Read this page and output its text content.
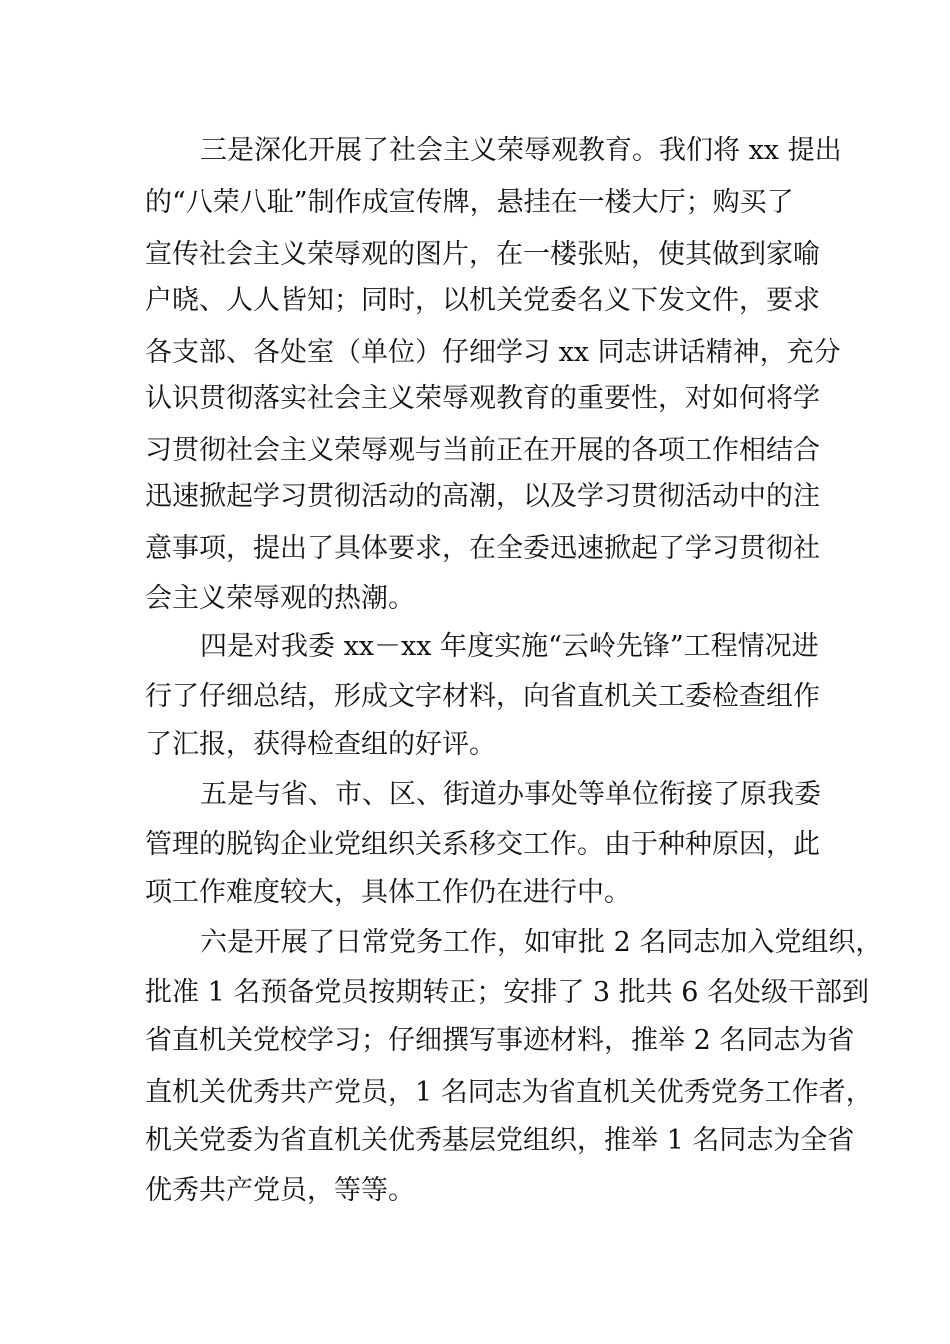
三是深化开展了社会主义荣辱观教育。我们将 xx 提出
的“八荣八耻”制作成宣传牌，悬挂在一楼大厅；购买了
宣传社会主义荣辱观的图片，在一楼张贴，使其做到家喻
户晓、人人皆知；同时，以机关党委名义下发文件，要求
各支部、各处室（单位）仔细学习 xx 同志讲话精神，充分
认识贯彻落实社会主义荣辱观教育的重要性，对如何将学
习贯彻社会主义荣辱观与当前正在开展的各项工作相结合
迅速掀起学习贯彻活动的高潮，以及学习贯彻活动中的注
意事项，提出了具体要求，在全委迅速掀起了学习贯彻社
会主义荣辱观的热潮。
四是对我委 xx－xx 年度实施“云岭先锋”工程情况进
行了仔细总结，形成文字材料，向省直机关工委检查组作
了汇报，获得检查组的好评。
五是与省、市、区、街道办事处等单位衔接了原我委
管理的脱钩企业党组织关系移交工作。由于种种原因，此
项工作难度较大，具体工作仍在进行中。
六是开展了日常党务工作，如审批 2 名同志加入党组织，
批准 1 名预备党员按期转正；安排了 3 批共 6 名处级干部到
省直机关党校学习；仔细撰写事迹材料，推举 2 名同志为省
直机关优秀共产党员，1 名同志为省直机关优秀党务工作者，
机关党委为省直机关优秀基层党组织，推举 1 名同志为全省
优秀共产党员，等等。
